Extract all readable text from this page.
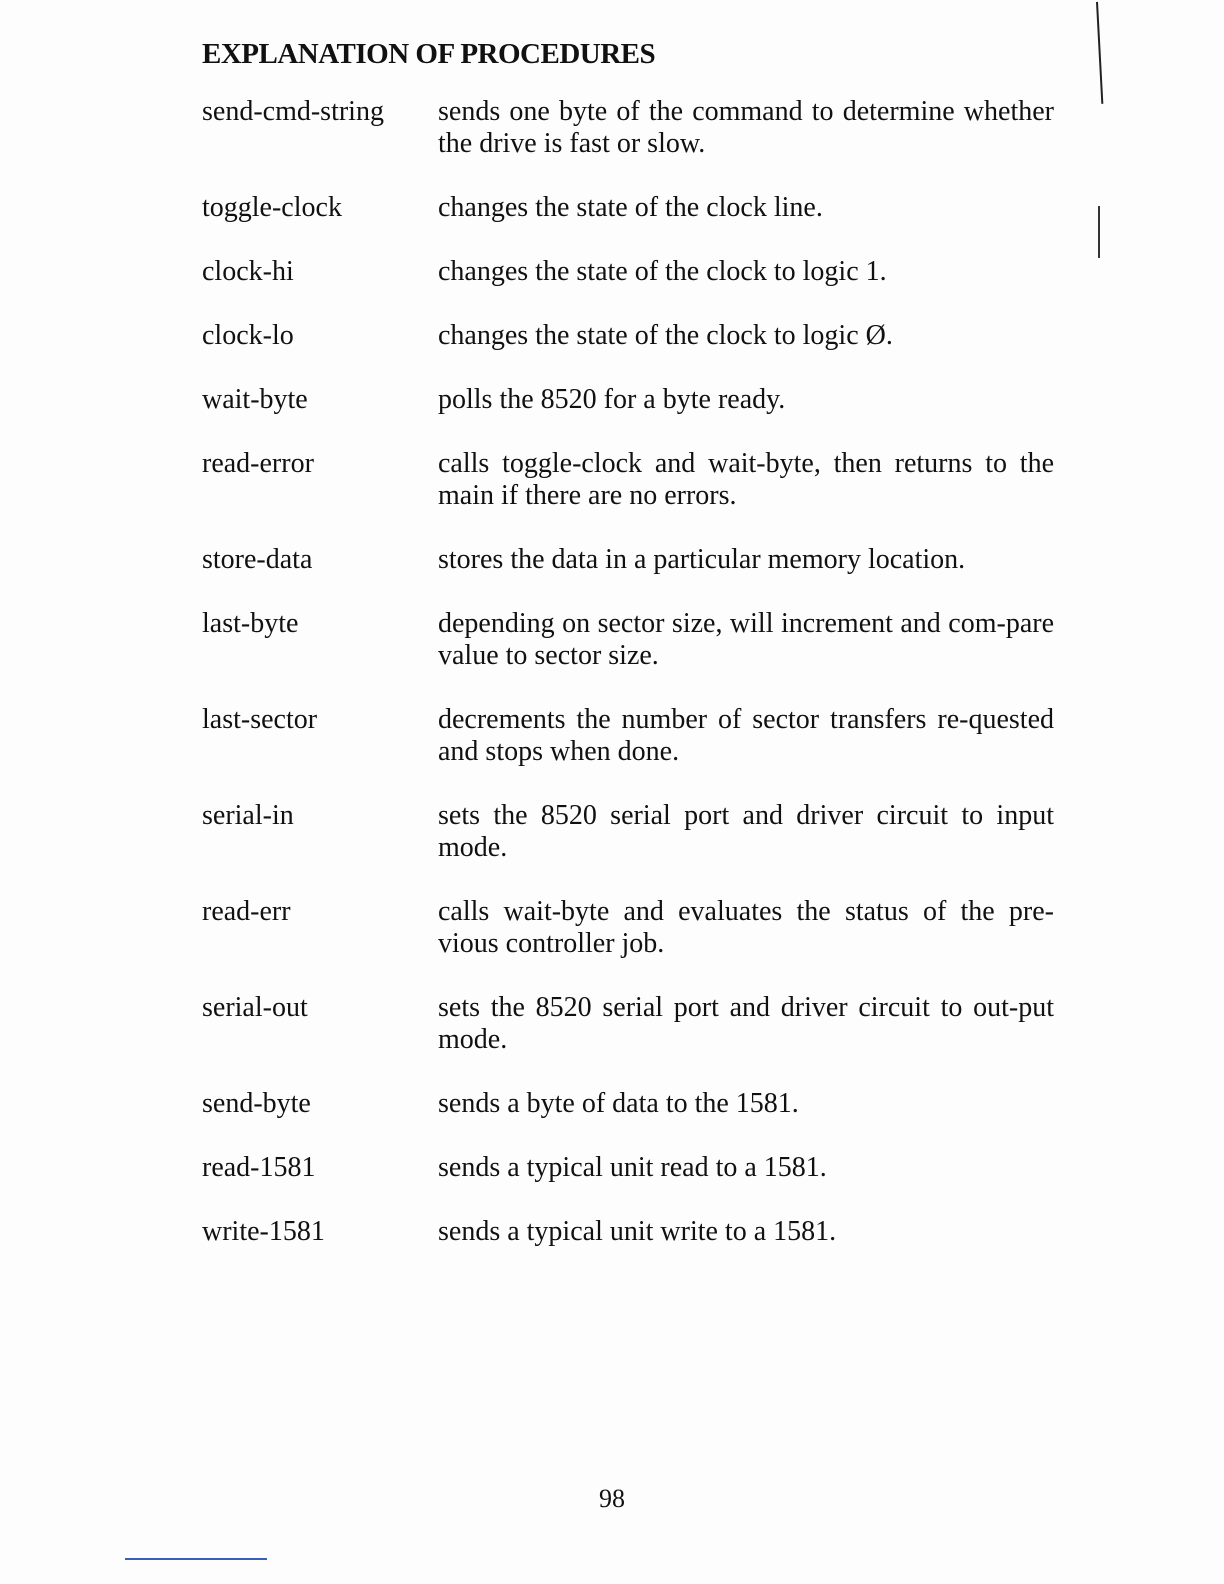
EXPLANATION OF PROCEDURES
send-cmd-string	sends one byte of the command to determine whether the drive is fast or slow.
toggle-clock	changes the state of the clock line.
clock-hi	changes the state of the clock to logic 1.
clock-lo	changes the state of the clock to logic Ø.
wait-byte	polls the 8520 for a byte ready.
read-error	calls toggle-clock and wait-byte, then returns to the main if there are no errors.
store-data	stores the data in a particular memory location.
last-byte	depending on sector size, will increment and com-pare value to sector size.
last-sector	decrements the number of sector transfers re-quested and stops when done.
serial-in	sets the 8520 serial port and driver circuit to input mode.
read-err	calls wait-byte and evaluates the status of the pre-vious controller job.
serial-out	sets the 8520 serial port and driver circuit to out-put mode.
send-byte	sends a byte of data to the 1581.
read-1581	sends a typical unit read to a 1581.
write-1581	sends a typical unit write to a 1581.
98
